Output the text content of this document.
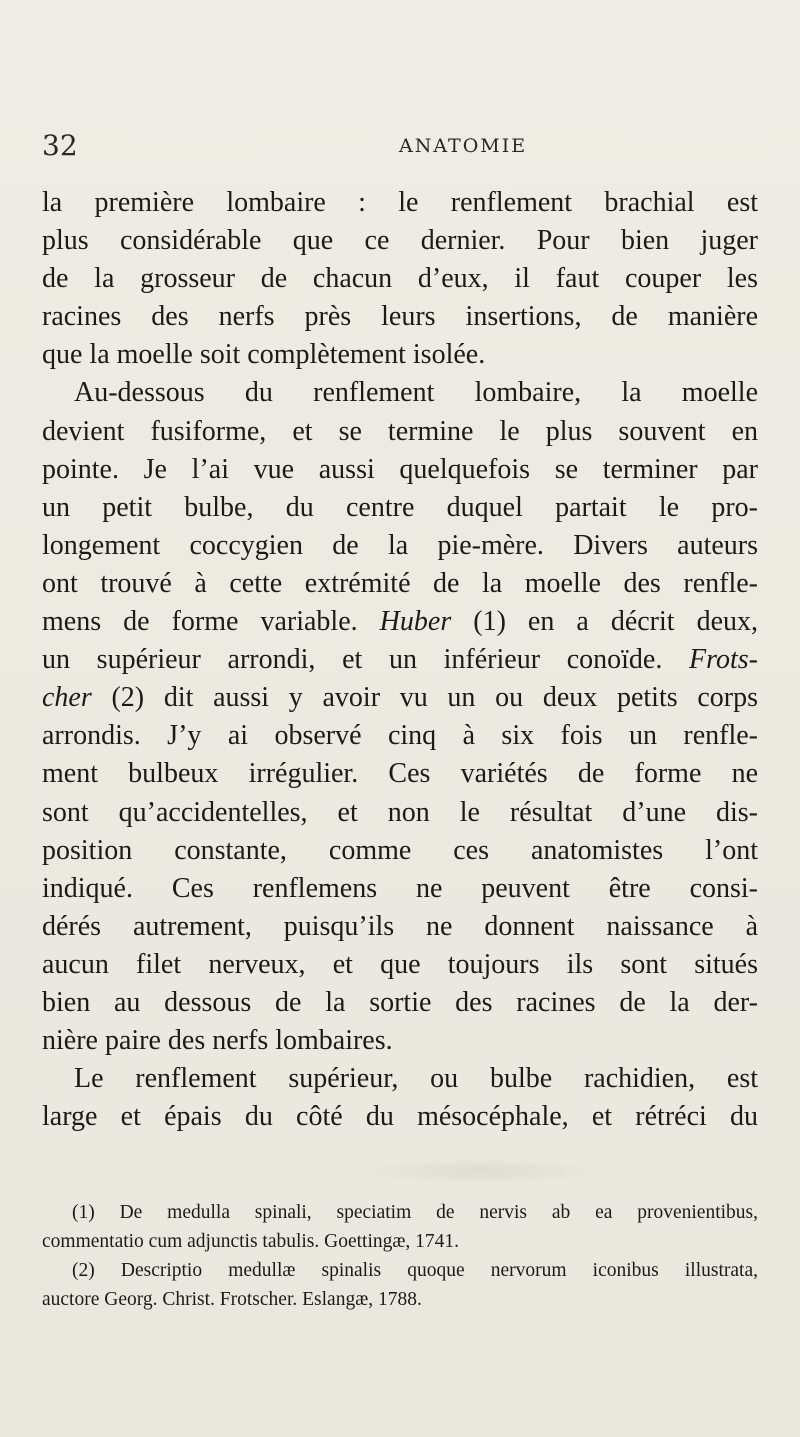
32	ANATOMIE
la première lombaire : le renflement brachial est
plus considérable que ce dernier. Pour bien juger
de la grosseur de chacun d’eux, il faut couper les
racines des nerfs près leurs insertions, de manière
que la moelle soit complètement isolée.
Au-dessous du renflement lombaire, la moelle
devient fusiforme, et se termine le plus souvent en
pointe. Je l’ai vue aussi quelquefois se terminer par
un petit bulbe, du centre duquel partait le pro-
longement coccygien de la pie-mère. Divers auteurs
ont trouvé à cette extrémité de la moelle des renfle-
mens de forme variable. Huber (1) en a décrit deux,
un supérieur arrondi, et un inférieur conoïde. Frots-
cher (2) dit aussi y avoir vu un ou deux petits corps
arrondis. J’y ai observé cinq à six fois un renfle-
ment bulbeux irrégulier. Ces variétés de forme ne
sont qu’accidentelles, et non le résultat d’une dis-
position constante, comme ces anatomistes l’ont
indiqué. Ces renflemens ne peuvent être consi-
dérés autrement, puisqu’ils ne donnent naissance à
aucun filet nerveux, et que toujours ils sont situés
bien au dessous de la sortie des racines de la der-
nière paire des nerfs lombaires.
Le renflement supérieur, ou bulbe rachidien, est
large et épais du côté du mésocéphale, et rétréci du
(1) De medulla spinali, speciatim de nervis ab ea provenientibus,
commentatio cum adjunctis tabulis. Goettingæ, 1741.
(2) Descriptio medullæ spinalis quoque nervorum iconibus illustrata,
auctore Georg. Christ. Frotscher. Eslangæ, 1788.
